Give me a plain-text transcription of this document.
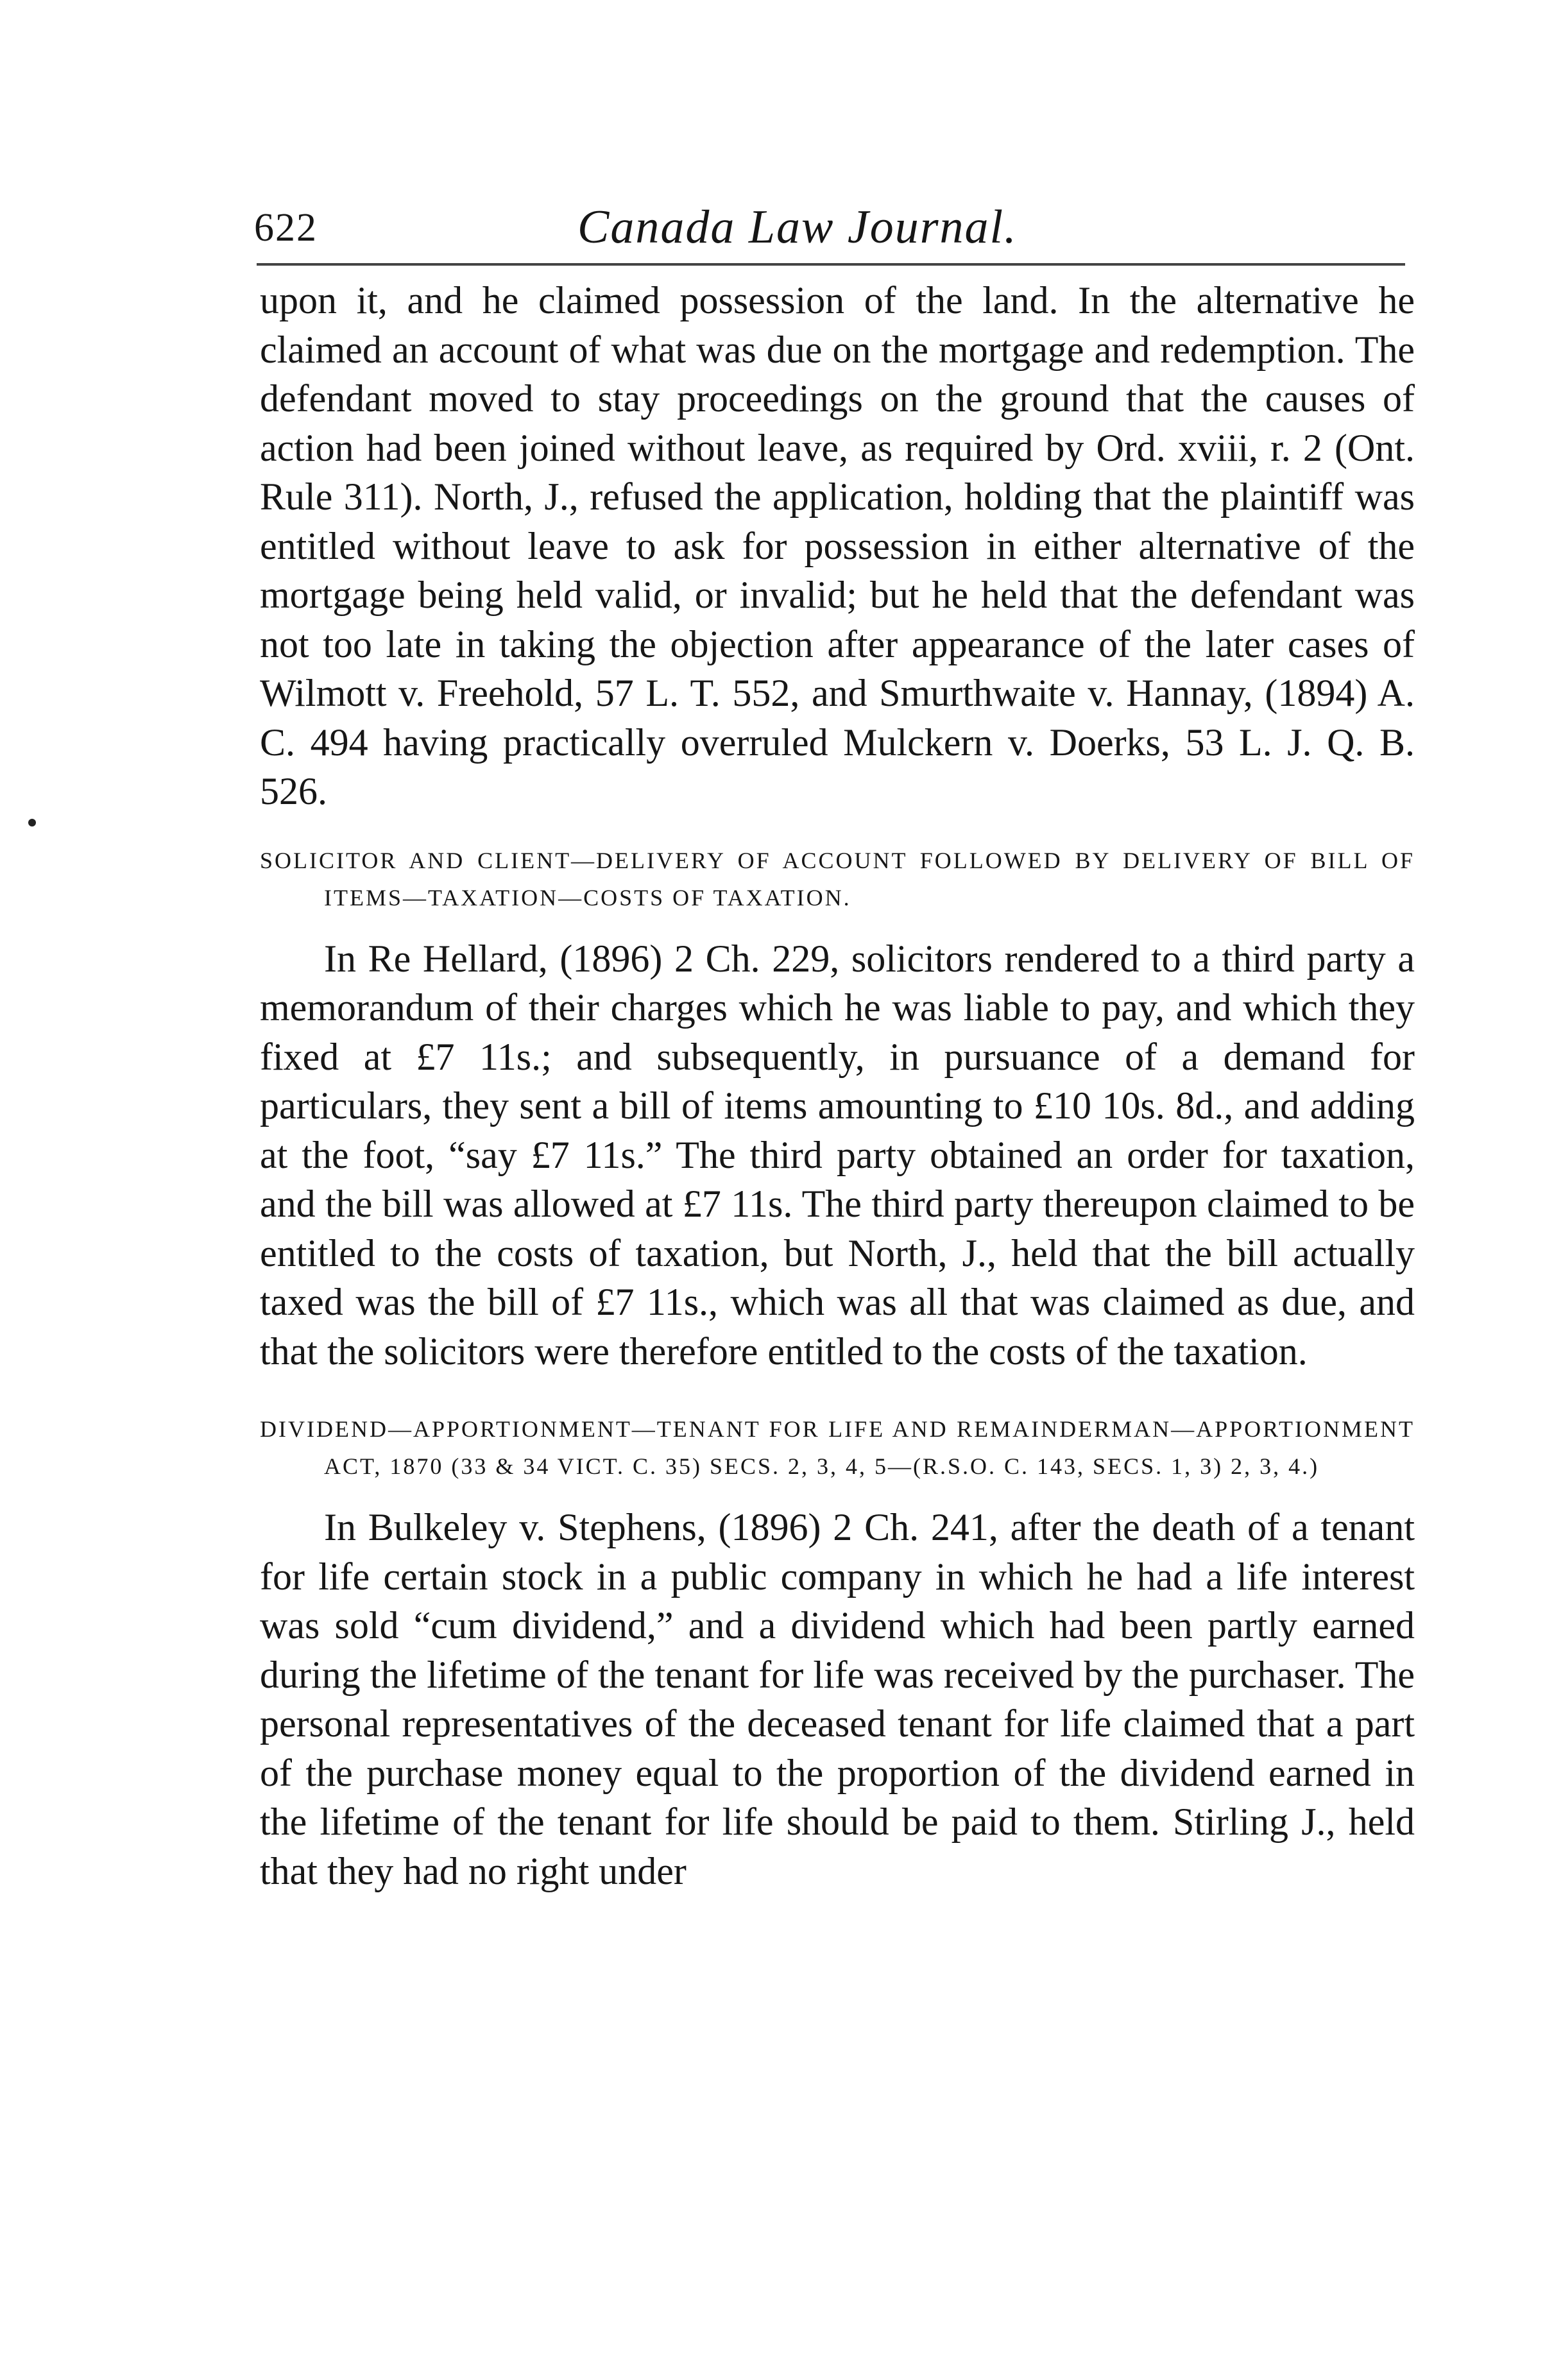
622	Canada Law Journal.

upon it, and he claimed possession of the land. In the alternative he claimed an account of what was due on the mortgage and redemption. The defendant moved to stay proceedings on the ground that the causes of action had been joined without leave, as required by Ord. xviii, r. 2 (Ont. Rule 311). North, J., refused the application, holding that the plaintiff was entitled without leave to ask for possession in either alternative of the mortgage being held valid, or invalid; but he held that the defendant was not too late in taking the objection after appearance of the later cases of Wilmott v. Freehold, 57 L. T. 552, and Smurthwaite v. Hannay, (1894) A. C. 494 having practically overruled Mulckern v. Doerks, 53 L. J. Q. B. 526.

SOLICITOR AND CLIENT—DELIVERY OF ACCOUNT FOLLOWED BY DELIVERY OF BILL OF ITEMS—TAXATION—COSTS OF TAXATION.

In Re Hellard, (1896) 2 Ch. 229, solicitors rendered to a third party a memorandum of their charges which he was liable to pay, and which they fixed at £7 11s.; and subsequently, in pursuance of a demand for particulars, they sent a bill of items amounting to £10 10s. 8d., and adding at the foot, “say £7 11s.” The third party obtained an order for taxation, and the bill was allowed at £7 11s. The third party thereupon claimed to be entitled to the costs of taxation, but North, J., held that the bill actually taxed was the bill of £7 11s., which was all that was claimed as due, and that the solicitors were therefore entitled to the costs of the taxation.

DIVIDEND—APPORTIONMENT—TENANT FOR LIFE AND REMAINDERMAN—APPORTIONMENT ACT, 1870 (33 & 34 VICT. C. 35) SECS. 2, 3, 4, 5—(R.S.O. C. 143, SECS. 1, 3) 2, 3, 4.)

In Bulkeley v. Stephens, (1896) 2 Ch. 241, after the death of a tenant for life certain stock in a public company in which he had a life interest was sold “cum dividend,” and a dividend which had been partly earned during the lifetime of the tenant for life was received by the purchaser. The personal representatives of the deceased tenant for life claimed that a part of the purchase money equal to the proportion of the dividend earned in the lifetime of the tenant for life should be paid to them. Stirling J., held that they had no right under
